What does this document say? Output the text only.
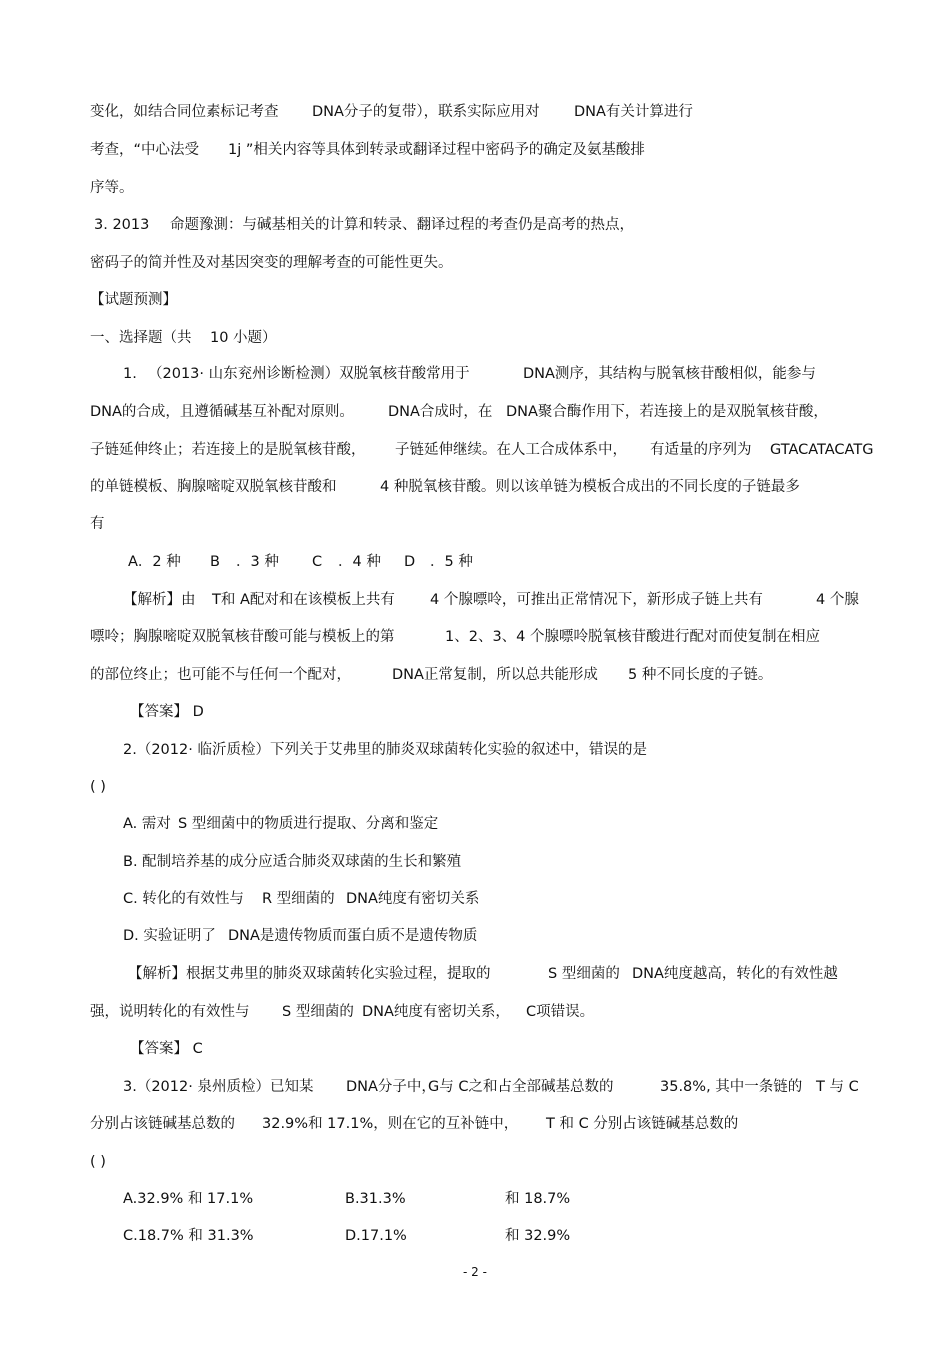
变化，如结合同位素标记考查 DNA分子的复带），联系实际应用对 DNA有关计算进行
考查，“中心法受 1j ”相关内容等具体到转录或翻译过程中密码予的确定及氨基酸排
序等。
3. 2013 命题豫測：与碱基相关的计算和转录、翻译过程的考查仍是高考的热点，
密码子的简并性及对基因突变的理解考查的可能性更失。
【试题预测】
一、选择题（共 10 小题）
1. （2013· 山东兖州诊断检测）双脱氧核苷酸常用于	DNA测序，其结构与脱氧核苷酸相似，能参与
DNA的合成，且遵循碱基互补配对原则。 DNA合成时，在 DNA聚合酶作用下，若连接上的是双脱氧核苷酸，
子链延伸终止；若连接上的是脱氧核苷酸， 子链延伸继续。在人工合成体系中， 有适量的序列为 GTACATACATG
的单链模板、胸腺嘧啶双脱氧核苷酸和	4 种脱氧核苷酸。则以该单链为模板合成出的不同长度的子链最多
有
A．2 种 B ．3 种 C ．4 种 D ．5 种
【解析】由 T和 A配对和在该模板上共有 4 个腺嘌呤，可推出正常情况下，新形成子链上共有	4 个腺
嘌呤；胸腺嘧啶双脱氧核苷酸可能与模板上的第	1、2、3、4 个腺嘌呤脱氧核苷酸进行配对而使复制在相应
的部位终止；也可能不与任何一个配对，	DNA正常复制，所以总共能形成 5 种不同长度的子链。
【答案】 D
2.（2012· 临沂质检）下列关于艾弗里的肺炎双球菌转化实验的叙述中，错误的是
( )
A. 需对 S 型细菌中的物质进行提取、分离和鉴定
B. 配制培养基的成分应适合肺炎双球菌的生长和繁殖
C. 转化的有效性与 R 型细菌的 DNA纯度有密切关系
D. 实验证明了 DNA是遗传物质而蛋白质不是遗传物质
【解析】根据艾弗里的肺炎双球菌转化实验过程，提取的	S 型细菌的 DNA纯度越高，转化的有效性越
强，说明转化的有效性与 S 型细菌的 DNA纯度有密切关系， C项错误。
【答案】 C
3.（2012· 泉州质检）已知某 DNA分子中，
G与 C之和占全部碱基总数的	35.8%, 其中一条链的 T 与 C
分别占该链碱基总数的 32.9%和 17.1%，则在它的互补链中， T 和 C 分别占该链碱基总数的
( )
A.32.9% 和 17.1%	B.31.3%	和 18.7%
C.18.7% 和 31.3%	D.17.1%	和 32.9%
- 2 -
